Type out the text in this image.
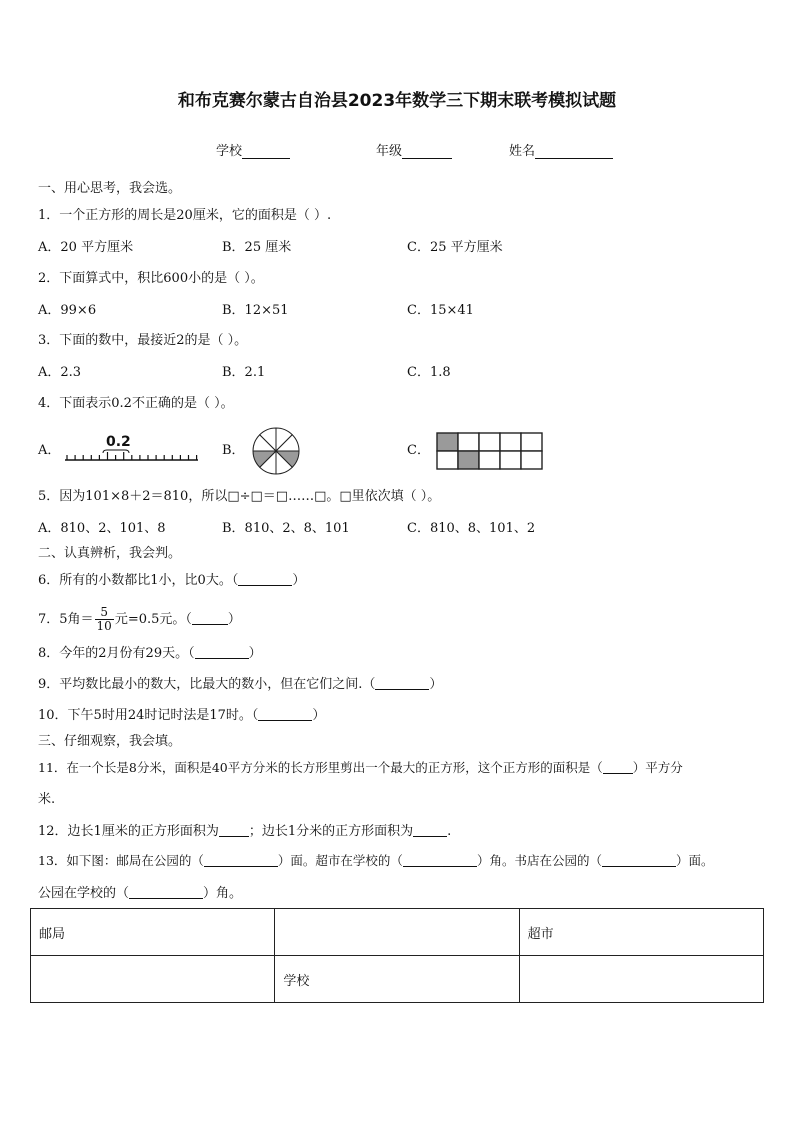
和布克赛尔蒙古自治县2023年数学三下期末联考模拟试题
学校	年级	姓名
一、用心思考，我会选。
1．一个正方形的周长是20厘米，它的面积是（ ）.
A．20 平方厘米	B．25 厘米	C．25 平方厘米
2．下面算式中，积比600小的是（ ）。
A．99×6	B．12×51	C．15×41
3．下面的数中，最接近2的是（ ）。
A．2.3	B．2.1	C．1.8
4．下面表示0.2不正确的是（ ）。
A．
0.2
B．	C．
5．因为101×8＋2＝810，所以□÷□＝□……□。□里依次填（ ）。
A．810、2、101、8	B．810、2、8、101	C．810、8、101、2
二、认真辨析，我会判。
6．所有的小数都比1小，比0大。（	）
7．5角＝ $\frac{5}{10}$ 元=0.5元。（	）
8．今年的2月份有29天。（	）
9．平均数比最小的数大，比最大的数小，但在它们之间.（	）
10．下午5时用24时记时法是17时。（	）
三、仔细观察，我会填。
11．在一个长是8分米，面积是40平方分米的长方形里剪出一个最大的正方形，这个正方形的面积是（ ）平方分
米.
12．边长1厘米的正方形面积为 ；边长1分米的正方形面积为	.
13．如下图：邮局在公园的（	）面。超市在学校的（	）角。书店在公园的（	）面。
公园在学校的（	）角。
邮局		超市
	学校	
